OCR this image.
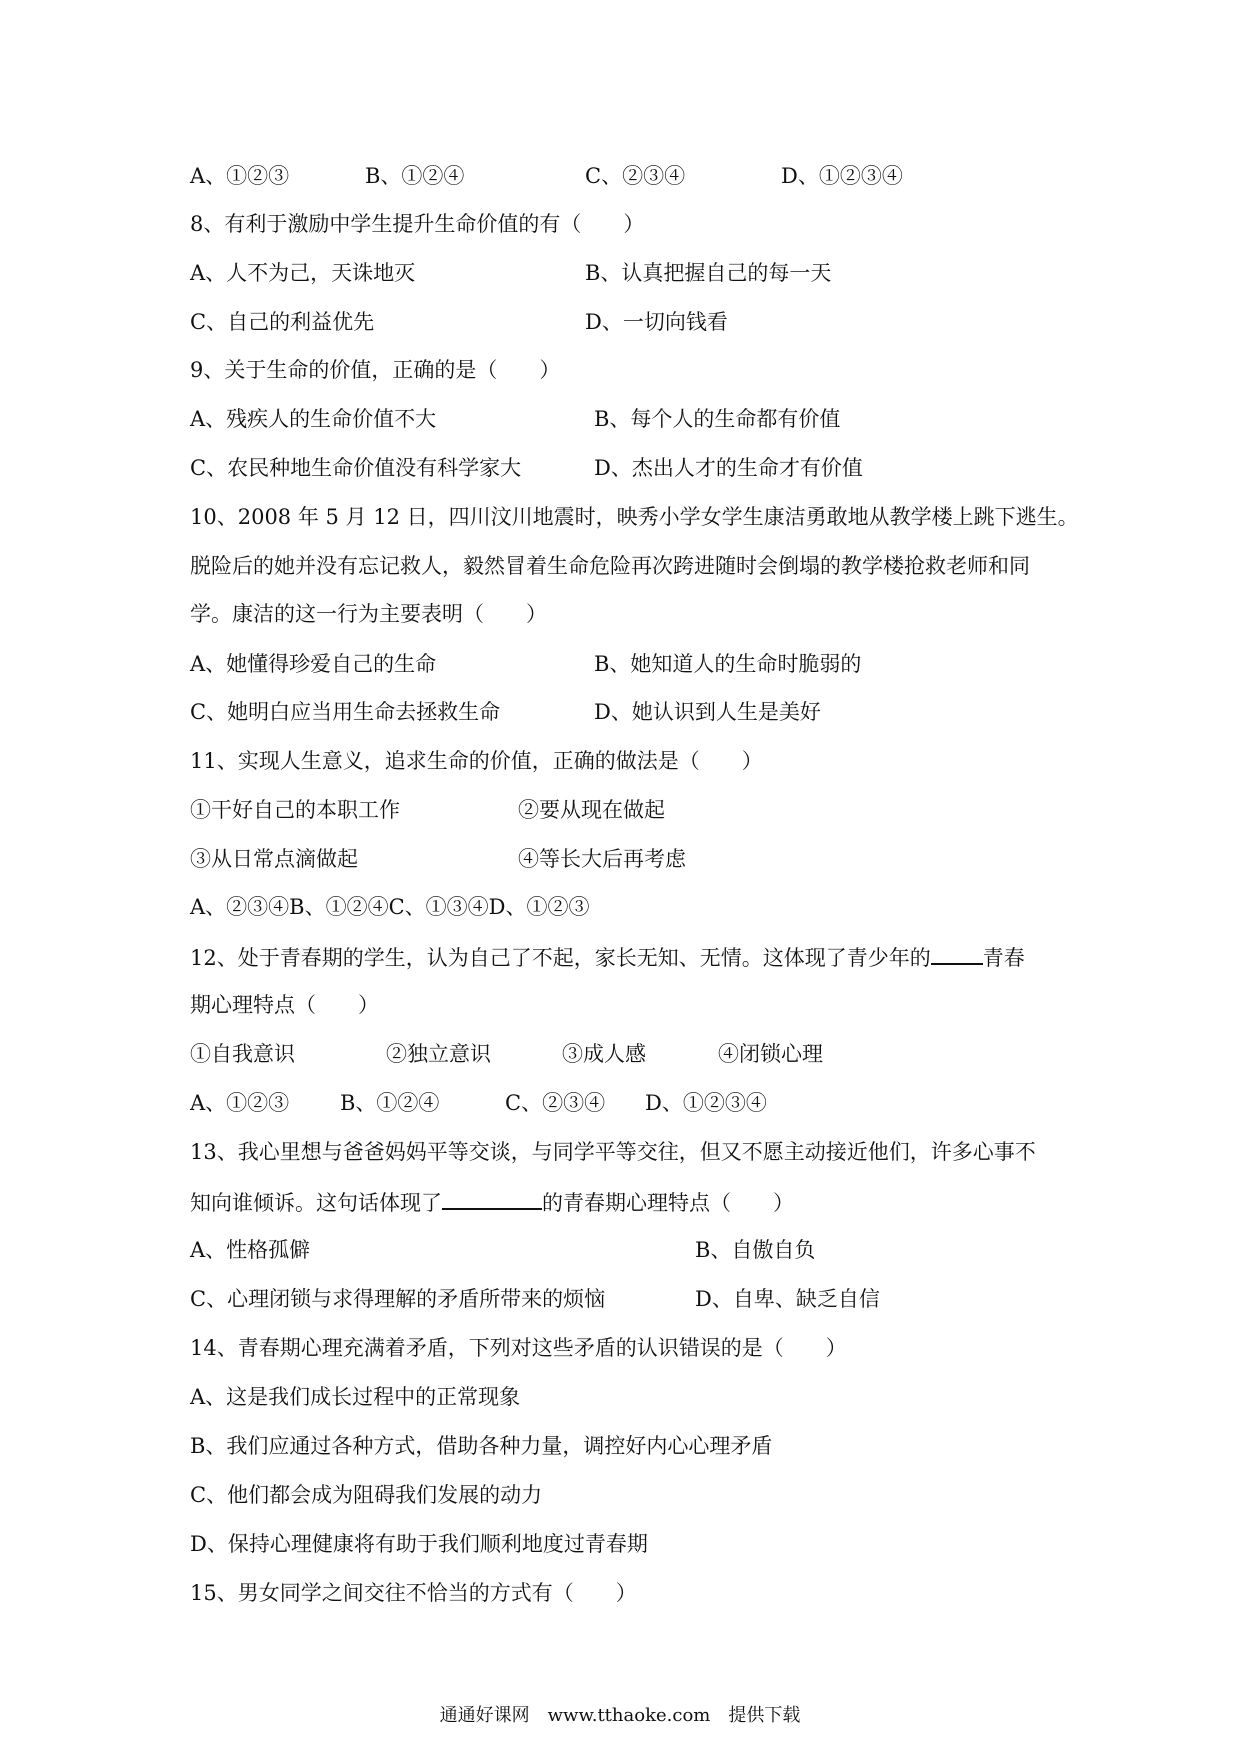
A、①②③	B、①②④	C、②③④	D、①②③④
8、有利于激励中学生提升生命价值的有（　　）
A、人不为己，天诛地灭	B、认真把握自己的每一天
C、自己的利益优先	D、一切向钱看
9、关于生命的价值，正确的是（　　）
A、残疾人的生命价值不大	B、每个人的生命都有价值
C、农民种地生命价值没有科学家大	D、杰出人才的生命才有价值
10、2008 年 5 月 12 日，四川汶川地震时，映秀小学女学生康洁勇敢地从教学楼上跳下逃生。
脱险后的她并没有忘记救人，毅然冒着生命危险再次跨进随时会倒塌的教学楼抢救老师和同
学。康洁的这一行为主要表明（　　）
A、她懂得珍爱自己的生命	B、她知道人的生命时脆弱的
C、她明白应当用生命去拯救生命	D、她认识到人生是美好
11、实现人生意义，追求生命的价值，正确的做法是（　　）
①干好自己的本职工作	②要从现在做起
③从日常点滴做起	④等长大后再考虑
A、②③④B、①②④C、①③④D、①②③
12、处于青春期的学生，认为自己了不起，家长无知、无情。这体现了青少年的 青春
期心理特点（　　）
①自我意识	②独立意识	③成人感	④闭锁心理
A、①②③	B、①②④	C、②③④	D、①②③④
13、我心里想与爸爸妈妈平等交谈，与同学平等交往，但又不愿主动接近他们，许多心事不
知向谁倾诉。这句话体现了	的青春期心理特点（　　）
A、性格孤僻	B、自傲自负
C、心理闭锁与求得理解的矛盾所带来的烦恼	D、自卑、缺乏自信
14、青春期心理充满着矛盾，下列对这些矛盾的认识错误的是（　　）
A、这是我们成长过程中的正常现象
B、我们应通过各种方式，借助各种力量，调控好内心心理矛盾
C、他们都会成为阻碍我们发展的动力
D、保持心理健康将有助于我们顺利地度过青春期
15、男女同学之间交往不恰当的方式有（　　）
通通好课网　www.tthaoke.com　提供下载
